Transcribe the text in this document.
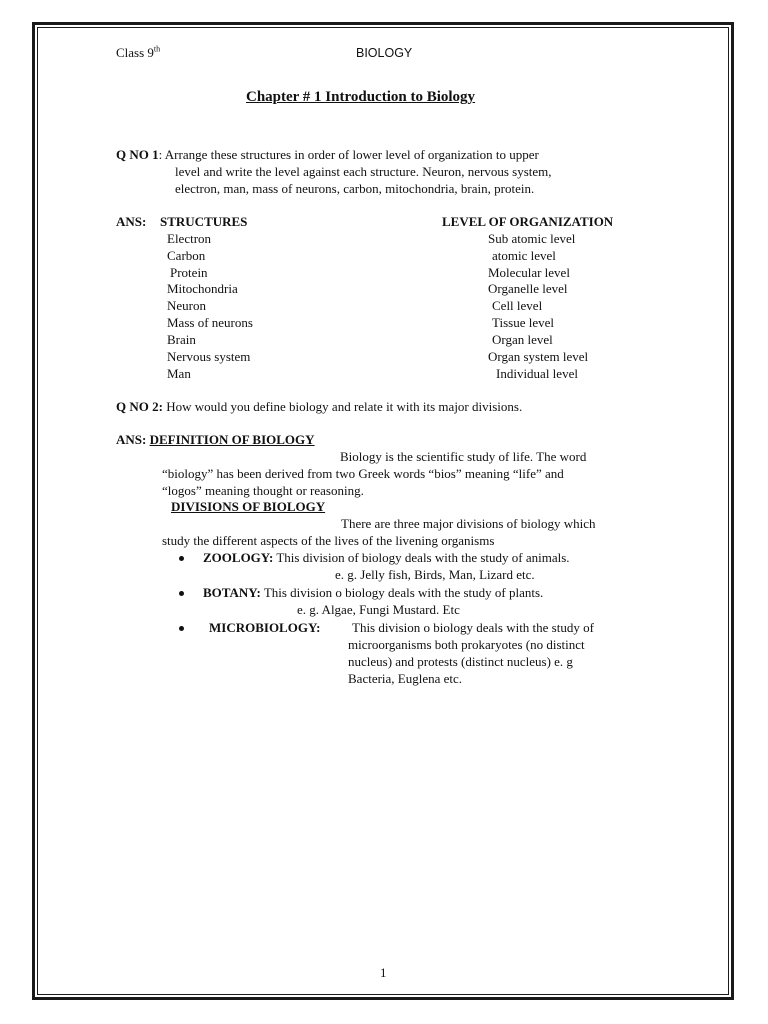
Class 9th	BIOLOGY
Chapter # 1 Introduction to Biology
Q NO 1: Arrange these structures in order of lower level of organization to upper
level and write the level against each structure. Neuron, nervous system,
electron, man, mass of neurons, carbon, mitochondria, brain, protein.
ANS: STRUCTURES	LEVEL OF ORGANIZATION
Electron	Sub atomic level
Carbon	atomic level
Protein	Molecular level
Mitochondria	Organelle level
Neuron	Cell level
Mass of neurons	Tissue level
Brain	Organ level
Nervous system	Organ system level
Man	Individual level
Q NO 2: How would you define biology and relate it with its major divisions.
ANS: DEFINITION OF BIOLOGY
Biology is the scientific study of life. The word
“biology” has been derived from two Greek words “bios” meaning “life” and
“logos” meaning thought or reasoning.
DIVISIONS OF BIOLOGY
There are three major divisions of biology which
study the different aspects of the lives of the livening organisms
ZOOLOGY: This division of biology deals with the study of animals.
e. g. Jelly fish, Birds, Man, Lizard etc.
BOTANY: This division o biology deals with the study of plants.
e. g. Algae, Fungi Mustard. Etc
MICROBIOLOGY: This division o biology deals with the study of
microorganisms both prokaryotes (no distinct
nucleus) and protests (distinct nucleus) e. g
Bacteria, Euglena etc.
1
